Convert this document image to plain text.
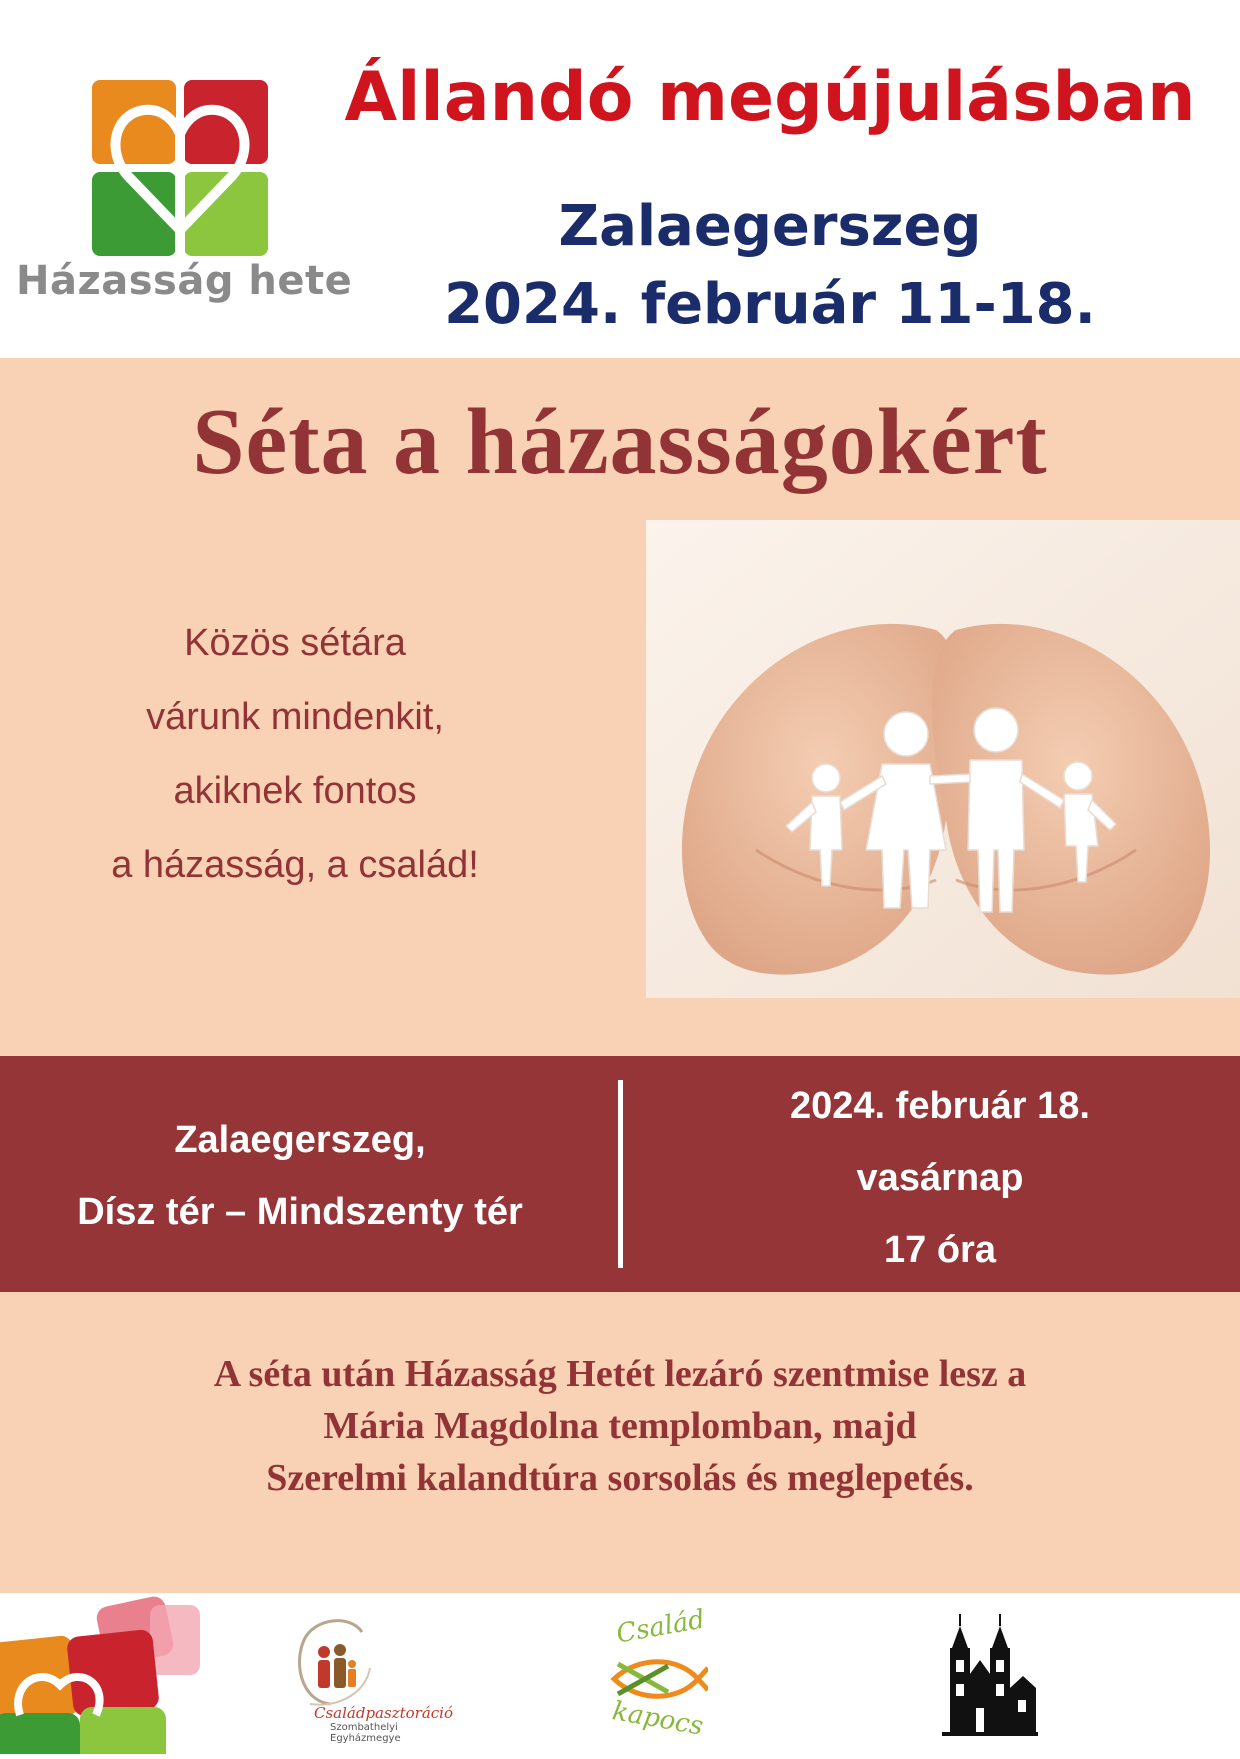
Házasság hete
Állandó megújulásban
Zalaegerszeg
2024. február 11-18.
Séta a házasságokért
Közös sétára
várunk mindenkit,
akiknek fontos
a házasság, a család!
Zalaegerszeg,
Dísz tér – Mindszenty tér
2024. február 18.
vasárnap
17 óra
A séta után Házasság Hetét lezáró szentmise lesz a
Mária Magdolna templomban, majd
Szerelmi kalandtúra sorsolás és meglepetés.
Családpasztoráció
Szombathelyi
Egyházmegye
Család
kapocs
